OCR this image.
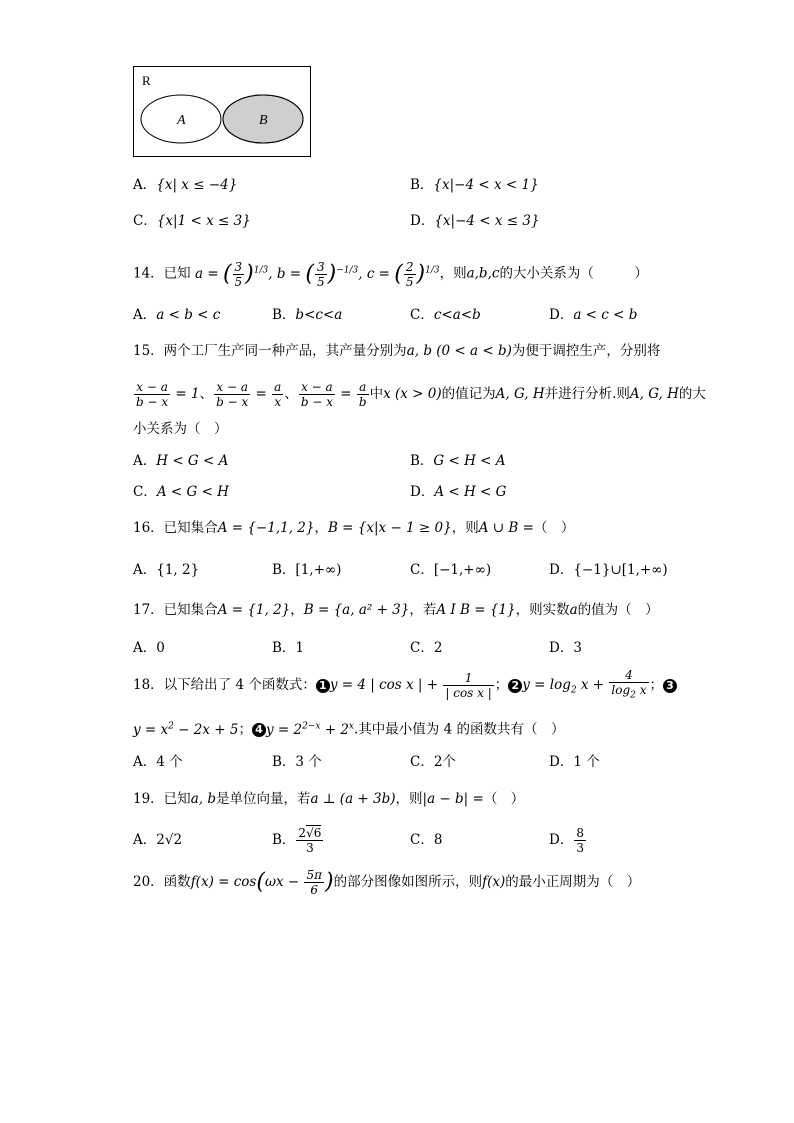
R
A	B
A．{x| x ≤ −4}	B．{x|−4 < x < 1}
C．{x|1 < x ≤ 3}	D．{x|−4 < x ≤ 3}
14．已知 a = ( $\frac{3}{5} )^{1/3}$, b = ( $\frac{3}{5} )^{-1/3}$, c = ( $\frac{2}{5} )^{1/3}$，则a,b,c的大小关系为（　　　）
A．a < b < c	B．b<c<a	C．c<a<b	D．a < c < b
15．两个工厂生产同一种产品，其产量分别为a, b (0 < a < b)为便于调控生产，分别将
$\frac{x - a}{b - x} = 1$、 $\frac{x - a}{b - x} = \frac{a}{x}$ 、 $\frac{x - a}{b - x} = \frac{a}{b}$ 中x (x > 0)的值记为A, G, H并进行分析.则A, G, H的大
小关系为（　）
A．H < G < A	B．G < H < A
C．A < G < H	D．A < H < G
16．已知集合A = {−1,1, 2}，B = {x|x − 1 ≥ 0}，则A ∪ B =（　）
A．{1, 2}	B．[1,+∞)	C．[−1,+∞)	D．{−1}∪[1,+∞)
17．已知集合A = {1, 2}，B = {a, a² + 3}，若A I B = {1}，则实数a的值为（　）
A．0	B．1	C．2	D．3
18．以下给出了 4 个函数式： 1 y = 4 | cos x | + $\frac{1}{\text{| cos x |}}$ ； 2 $y = \log_2 x + \frac{4}{\log_2 x}$ ； 3
$y = x^2 - 2x + 5$； 4 $y = 2^{2-x} + 2^x$.其中最小值为 4 的函数共有（　）
A．4 个	B．3 个	C．2个	D．1 个
19．已知a, b是单位向量，若a ⊥ (a + 3b)，则|a − b| =（　）
A．2√2	B． $\frac{2√6}{3}$	C．8	D． $\frac{8}{3}$
20．函数$f(x) = \cos(\omega x - \frac{5\pi}{6}$ )的部分图像如图所示，则f(x)的最小正周期为（　）
